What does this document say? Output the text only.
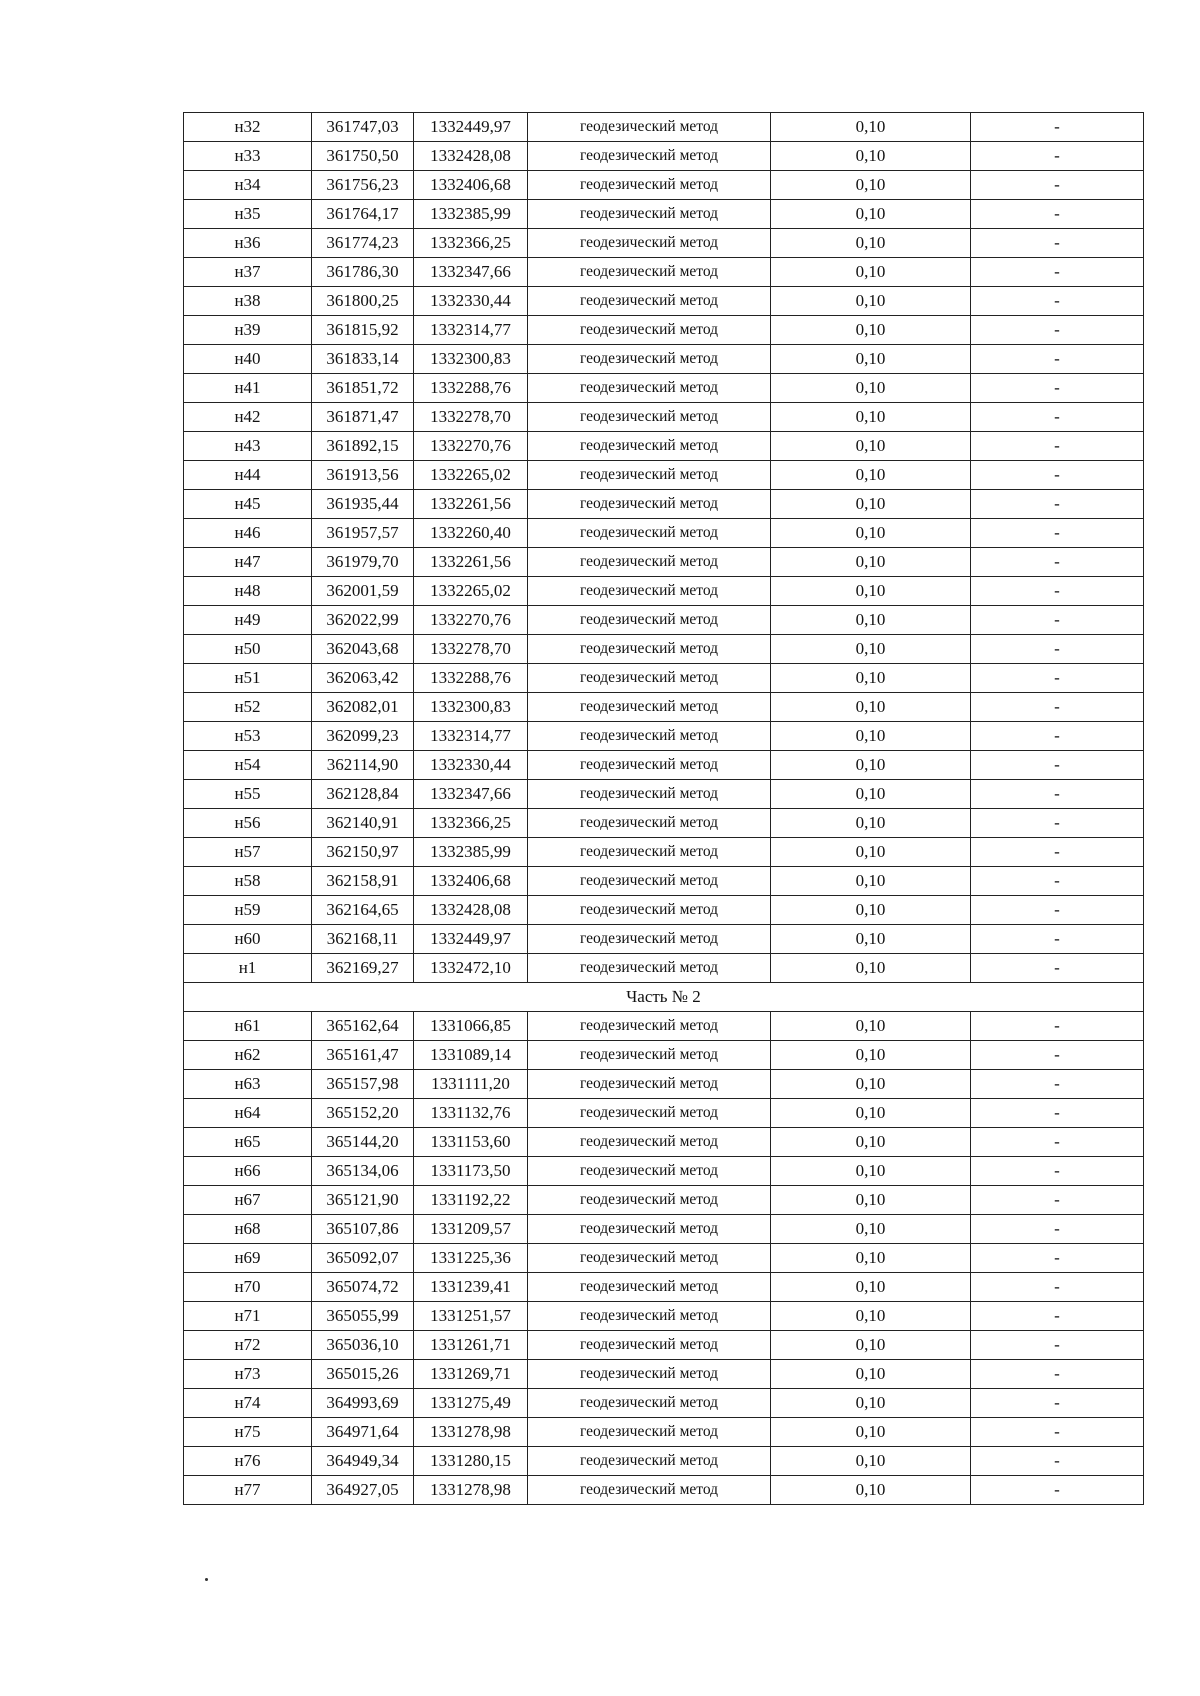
н32	361747,03	1332449,97	геодезический метод	0,10	-
н33	361750,50	1332428,08	геодезический метод	0,10	-
н34	361756,23	1332406,68	геодезический метод	0,10	-
н35	361764,17	1332385,99	геодезический метод	0,10	-
н36	361774,23	1332366,25	геодезический метод	0,10	-
н37	361786,30	1332347,66	геодезический метод	0,10	-
н38	361800,25	1332330,44	геодезический метод	0,10	-
н39	361815,92	1332314,77	геодезический метод	0,10	-
н40	361833,14	1332300,83	геодезический метод	0,10	-
н41	361851,72	1332288,76	геодезический метод	0,10	-
н42	361871,47	1332278,70	геодезический метод	0,10	-
н43	361892,15	1332270,76	геодезический метод	0,10	-
н44	361913,56	1332265,02	геодезический метод	0,10	-
н45	361935,44	1332261,56	геодезический метод	0,10	-
н46	361957,57	1332260,40	геодезический метод	0,10	-
н47	361979,70	1332261,56	геодезический метод	0,10	-
н48	362001,59	1332265,02	геодезический метод	0,10	-
н49	362022,99	1332270,76	геодезический метод	0,10	-
н50	362043,68	1332278,70	геодезический метод	0,10	-
н51	362063,42	1332288,76	геодезический метод	0,10	-
н52	362082,01	1332300,83	геодезический метод	0,10	-
н53	362099,23	1332314,77	геодезический метод	0,10	-
н54	362114,90	1332330,44	геодезический метод	0,10	-
н55	362128,84	1332347,66	геодезический метод	0,10	-
н56	362140,91	1332366,25	геодезический метод	0,10	-
н57	362150,97	1332385,99	геодезический метод	0,10	-
н58	362158,91	1332406,68	геодезический метод	0,10	-
н59	362164,65	1332428,08	геодезический метод	0,10	-
н60	362168,11	1332449,97	геодезический метод	0,10	-
н1	362169,27	1332472,10	геодезический метод	0,10	-
Часть № 2					
н61	365162,64	1331066,85	геодезический метод	0,10	-
н62	365161,47	1331089,14	геодезический метод	0,10	-
н63	365157,98	1331111,20	геодезический метод	0,10	-
н64	365152,20	1331132,76	геодезический метод	0,10	-
н65	365144,20	1331153,60	геодезический метод	0,10	-
н66	365134,06	1331173,50	геодезический метод	0,10	-
н67	365121,90	1331192,22	геодезический метод	0,10	-
н68	365107,86	1331209,57	геодезический метод	0,10	-
н69	365092,07	1331225,36	геодезический метод	0,10	-
н70	365074,72	1331239,41	геодезический метод	0,10	-
н71	365055,99	1331251,57	геодезический метод	0,10	-
н72	365036,10	1331261,71	геодезический метод	0,10	-
н73	365015,26	1331269,71	геодезический метод	0,10	-
н74	364993,69	1331275,49	геодезический метод	0,10	-
н75	364971,64	1331278,98	геодезический метод	0,10	-
н76	364949,34	1331280,15	геодезический метод	0,10	-
н77	364927,05	1331278,98	геодезический метод	0,10	-
